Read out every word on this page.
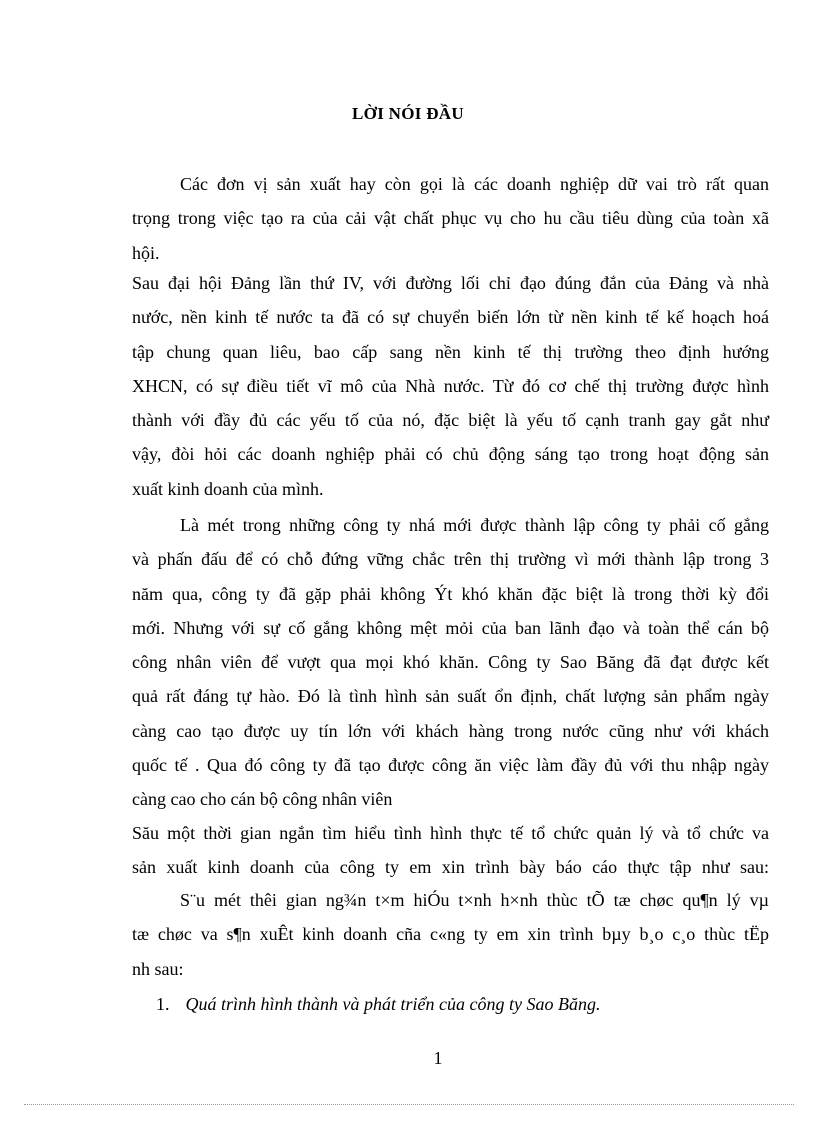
LỜI NÓI ĐẦU
Các đơn vị sản xuất hay còn gọi là các doanh nghiệp dữ vai trò rất quan
trọng trong việc tạo ra của cải vật chất phục vụ cho hu cầu tiêu dùng của toàn xã
hội.
Sau đại hội Đảng lần thứ IV, với đường lối chỉ đạo đúng đắn của Đảng và nhà
nước, nền kinh tế nước ta đã có sự chuyển biến lớn từ nền kinh tế kế hoạch hoá
tập chung quan liêu, bao cấp sang nền kinh tế thị trường theo định hướng
XHCN, có sự điều tiết vĩ mô của Nhà nước. Từ đó cơ chế thị trường được hình
thành với đầy đủ các yếu tố của nó, đặc biệt là yếu tố cạnh tranh gay gắt như
vậy, đòi hỏi các doanh nghiệp phải có chủ động sáng tạo trong hoạt động sản
xuất kinh doanh của mình.
Là mét trong những công ty nhá mới được thành lập công ty phải cố gắng
và phấn đấu để có chỗ đứng vững chắc trên thị trường vì mới thành lập trong 3
năm qua, công ty đã gặp phải không Ýt khó khăn đặc biệt là trong thời kỳ đổi
mới. Nhưng với sự cố gắng không mệt mỏi của ban lãnh đạo và toàn thể cán bộ
công nhân viên để vượt qua mọi khó khăn. Công ty Sao Băng đã đạt được kết
quả rất đáng tự hào. Đó là tình hình sản suất ổn định, chất lượng sản phẩm ngày
càng cao tạo được uy tín lớn với khách hàng trong nước cũng như với khách
quốc tế . Qua đó công ty đã tạo được công ăn việc làm đầy đủ với thu nhập ngày
càng cao cho cán bộ công nhân viên
Său một thời gian ngắn tìm hiểu tình hình thực tế tổ chức quản lý và tổ chức va
sản xuất kinh doanh của công ty em xin trình bày báo cáo thực tập như sau:
S¨u mét thêi gian ng¾n t×m hiÓu t×nh h×nh thùc tÕ tæ chøc qu¶n lý vµ
tæ chøc va s¶n xuÊt kinh doanh cña c«ng ty em xin trình bµy b¸o c¸o thùc tËp
nh sau:
1. Quá trình hình thành và phát triển của công ty Sao Băng.
1
